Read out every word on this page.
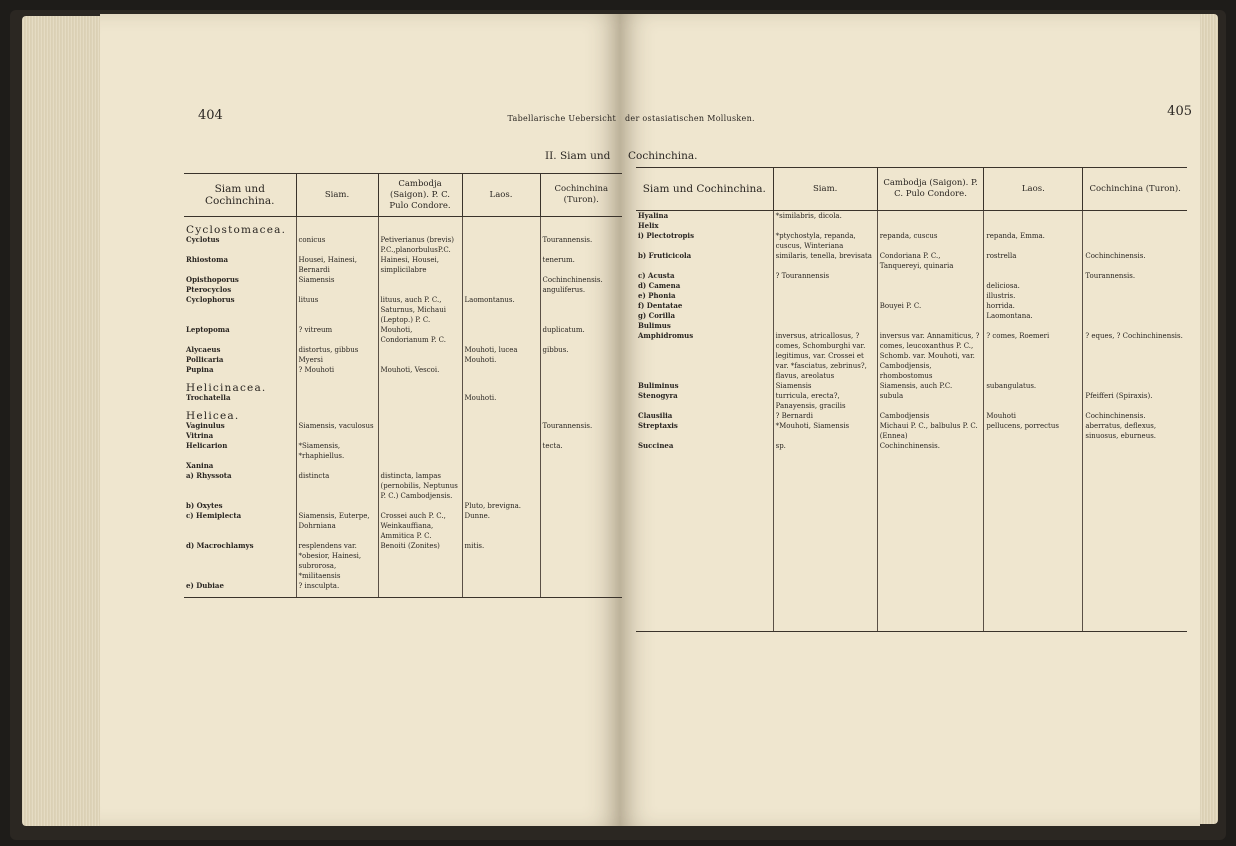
404	Tabellarische Uebersicht
II. Siam und
405
der ostasiatischen Mollusken.
Cochinchina.
Siam und Cochinchina.	Siam.	Cambodja (Saigon). P. C. Pulo Condore.	Laos.	Cochinchina (Turon).
Cyclostomacea.				
Cyclotus	conicus	Petiverianus (brevis) P.C.,planorbulusP.C.		Tourannensis.
Rhiostoma	Housei, Hainesi, Bernardi	Hainesi, Housei, simplicilabre		tenerum.
Opisthoporus	Siamensis			Cochinchinensis.
Pterocyclos				anguliferus.
Cyclophorus	lituus	lituus, auch P. C., Saturnus, Michaui (Leptop.) P. C.	Laomontanus.	
Leptopoma	? vitreum	Mouhoti, Condorianum P. C.		duplicatum.
Alycaeus	distortus, gibbus		Mouhoti, lucea	gibbus.
Pollicaria	Myersi		Mouhoti.	
Pupina	? Mouhoti	Mouhoti, Vescoi.		
Helicinacea.				
Trochatella			Mouhoti.	
Helicea.				
Vaginulus	Siamensis, vaculosus			Tourannensis.
Vitrina				
Helicarion	*Siamensis, *rhaphiellus.			tecta.
Xanina				
a) Rhyssota	distincta	distincta, lampas (pernobilis, Neptunus P. C.) Cambodjensis.		
b) Oxytes			Pluto, brevigna.	
c) Hemiplecta	Siamensis, Euterpe, Dohrniana	Crossei auch P. C., Weinkauffiana, Ammitica P. C.	Dunne.	
d) Macrochlamys	resplendens var. *obesior, Hainesi, subrorosa, *militaensis	Benoiti (Zonites)	mitis.	
e) Dubiae	? insculpta.			

Siam und Cochinchina.	Siam.	Cambodja (Saigon). P. C. Pulo Condore.	Laos.	Cochinchina (Turon).
Hyalina	*similabris, dicola.			
Helix				
i) Plectotropis	*ptychostyla, repanda, cuscus, Winteriana	repanda, cuscus	repanda, Emma.	
b) Fruticicola	similaris, tenella, brevisata	Condoriana P. C., Tanquereyi, quinaria	rostrella	Cochinchinensis.
c) Acusta	? Tourannensis			Tourannensis.
d) Camena			deliciosa.	
e) Phonia			illustris.	
f) Dentatae		Bouyei P. C.	horrida.	
g) Corilla			Laomontana.	
Bulimus				
Amphidromus	inversus, atricallosus, ? comes, Schomburghi var. legitimus, var. Crossei et var. *fasciatus, zebrinus?, flavus, areolatus	inversus var. Annamiticus, ? comes, leucoxanthus P. C., Schomb. var. Mouhoti, var. Cambodjensis, rhombostomus	? comes, Roemeri	? eques, ? Cochinchinensis.
Buliminus	Siamensis	Siamensis, auch P.C.	subangulatus.	
Stenogyra	turricula, erecta?, Panayensis, gracilis	subula		Pfeifferi (Spiraxis).
Clausilia	? Bernardi	Cambodjensis	Mouhoti	Cochinchinensis.
Streptaxis	*Mouhoti, Siamensis	Michaui P. C., balbulus P. C. (Ennea)	pellucens, porrectus	aberratus, deflexus, sinuosus, eburneus.
Succinea	sp.	Cochinchinensis.		
